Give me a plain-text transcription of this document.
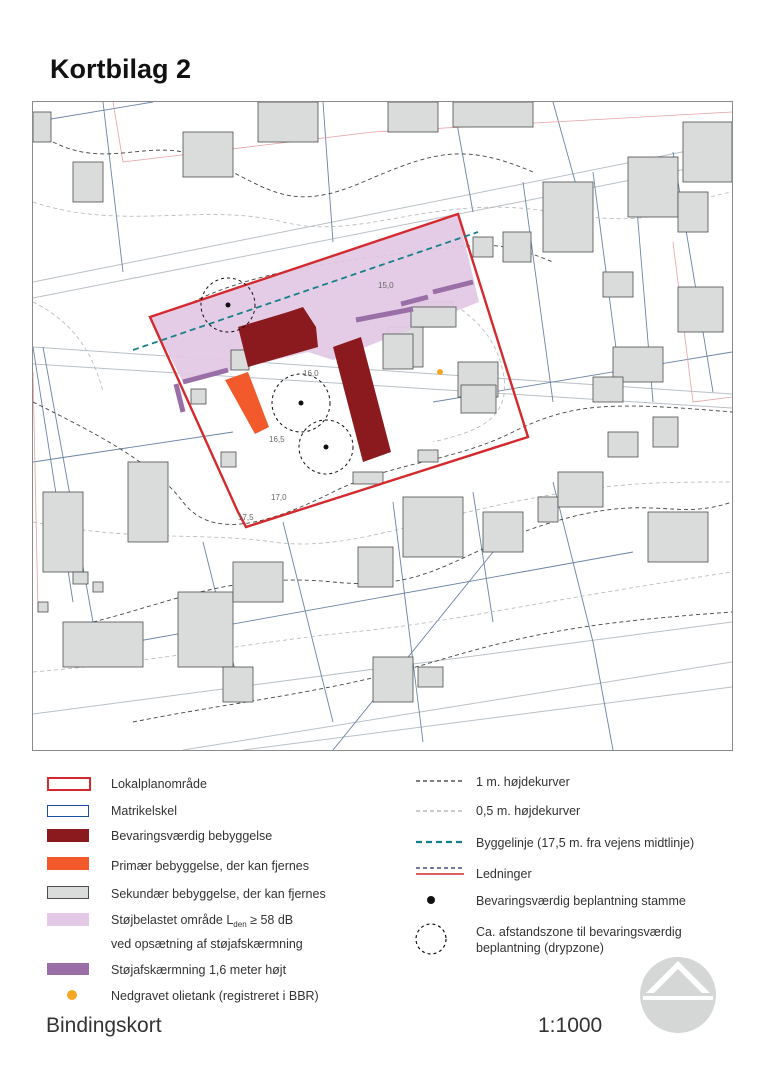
Kortbilag 2
15,0
16,0
16,5
17,0
17,5
Lokalplanområde
Matrikelskel
Bevaringsværdig bebyggelse
Primær bebyggelse, der kan fjernes
Sekundær bebyggelse, der kan fjernes
Støjbelastet område $L_{den} \ge 58$ dB
ved opsætning af støjafskærmning
Støjafskærmning 1,6 meter højt
Nedgravet olietank (registreret i BBR)
1 m. højdekurver
0,5 m. højdekurver
Byggelinje (17,5 m. fra vejens midtlinje)
Ledninger
Bevaringsværdig beplantning stamme
Ca. afstandszone til bevaringsværdig
beplantning (drypzone)
Bindingskort	1:1000
